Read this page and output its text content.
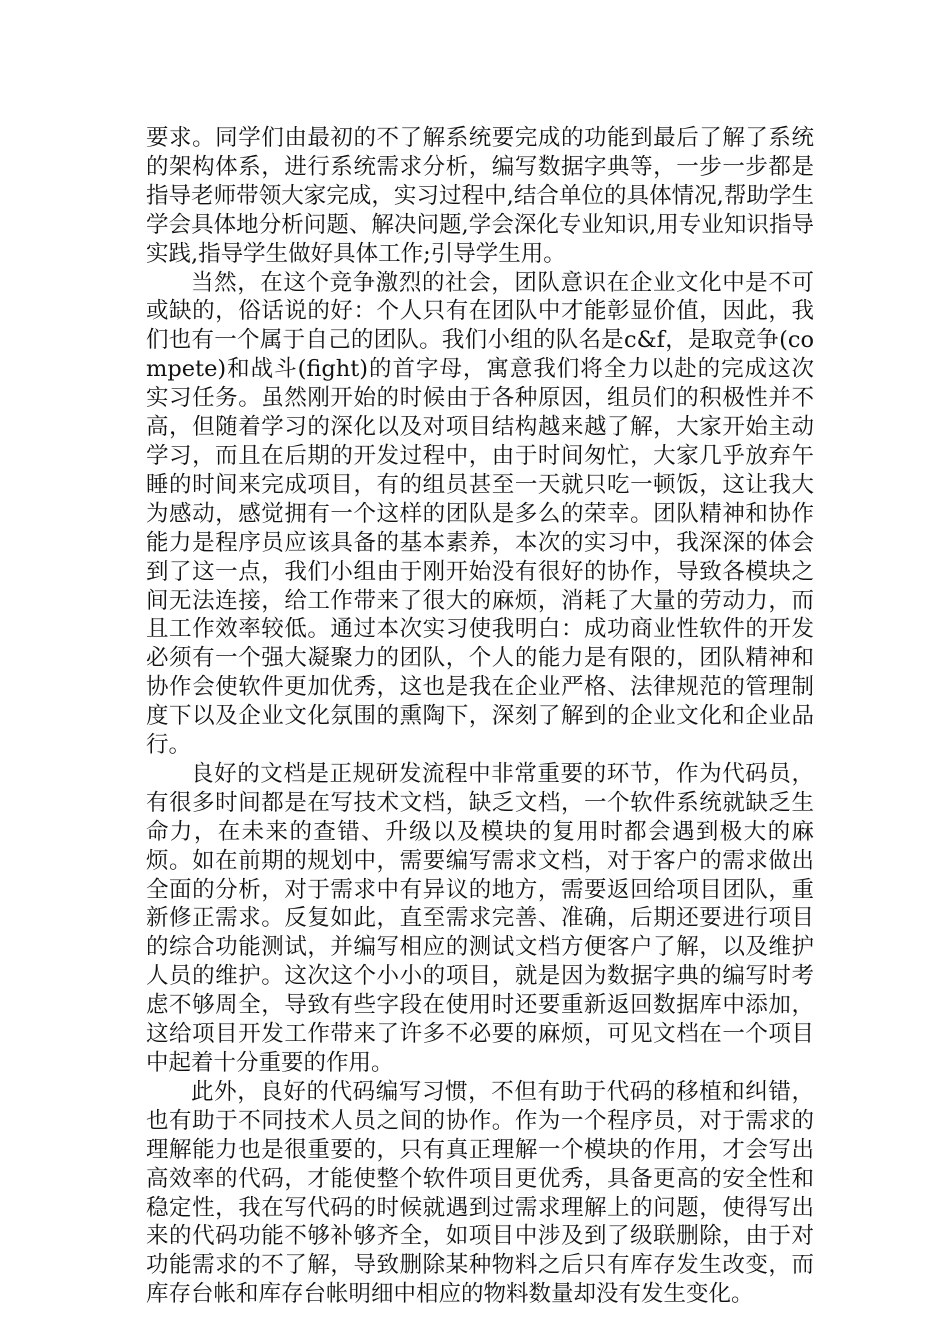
要求。同学们由最初的不了解系统要完成的功能到最后了解了系统的架构体系，进行系统需求分析，编写数据字典等，一步一步都是指导老师带领大家完成，实习过程中,结合单位的具体情况,帮助学生学会具体地分析问题、解决问题,学会深化专业知识,用专业知识指导实践,指导学生做好具体工作;引导学生用。

当然，在这个竞争激烈的社会，团队意识在企业文化中是不可或缺的，俗话说的好：个人只有在团队中才能彰显价值，因此，我们也有一个属于自己的团队。我们小组的队名是c&f，是取竞争(compete)和战斗(fight)的首字母，寓意我们将全力以赴的完成这次实习任务。虽然刚开始的时候由于各种原因，组员们的积极性并不高，但随着学习的深化以及对项目结构越来越了解，大家开始主动学习，而且在后期的开发过程中，由于时间匆忙，大家几乎放弃午睡的时间来完成项目，有的组员甚至一天就只吃一顿饭，这让我大为感动，感觉拥有一个这样的团队是多么的荣幸。团队精神和协作能力是程序员应该具备的基本素养，本次的实习中，我深深的体会到了这一点，我们小组由于刚开始没有很好的协作，导致各模块之间无法连接，给工作带来了很大的麻烦，消耗了大量的劳动力，而且工作效率较低。通过本次实习使我明白：成功商业性软件的开发必须有一个强大凝聚力的团队，个人的能力是有限的，团队精神和协作会使软件更加优秀，这也是我在企业严格、法律规范的管理制度下以及企业文化氛围的熏陶下，深刻了解到的企业文化和企业品行。

良好的文档是正规研发流程中非常重要的环节，作为代码员，有很多时间都是在写技术文档，缺乏文档，一个软件系统就缺乏生命力，在未来的查错、升级以及模块的复用时都会遇到极大的麻烦。如在前期的规划中，需要编写需求文档，对于客户的需求做出全面的分析，对于需求中有异议的地方，需要返回给项目团队，重新修正需求。反复如此，直至需求完善、准确，后期还要进行项目的综合功能测试，并编写相应的测试文档方便客户了解，以及维护人员的维护。这次这个小小的项目，就是因为数据字典的编写时考虑不够周全，导致有些字段在使用时还要重新返回数据库中添加，这给项目开发工作带来了许多不必要的麻烦，可见文档在一个项目中起着十分重要的作用。

此外，良好的代码编写习惯，不但有助于代码的移植和纠错，也有助于不同技术人员之间的协作。作为一个程序员，对于需求的理解能力也是很重要的，只有真正理解一个模块的作用，才会写出高效率的代码，才能使整个软件项目更优秀，具备更高的安全性和稳定性，我在写代码的时候就遇到过需求理解上的问题，使得写出来的代码功能不够补够齐全，如项目中涉及到了级联删除，由于对功能需求的不了解，导致删除某种物料之后只有库存发生改变，而库存台帐和库存台帐明细中相应的物料数量却没有发生变化。
